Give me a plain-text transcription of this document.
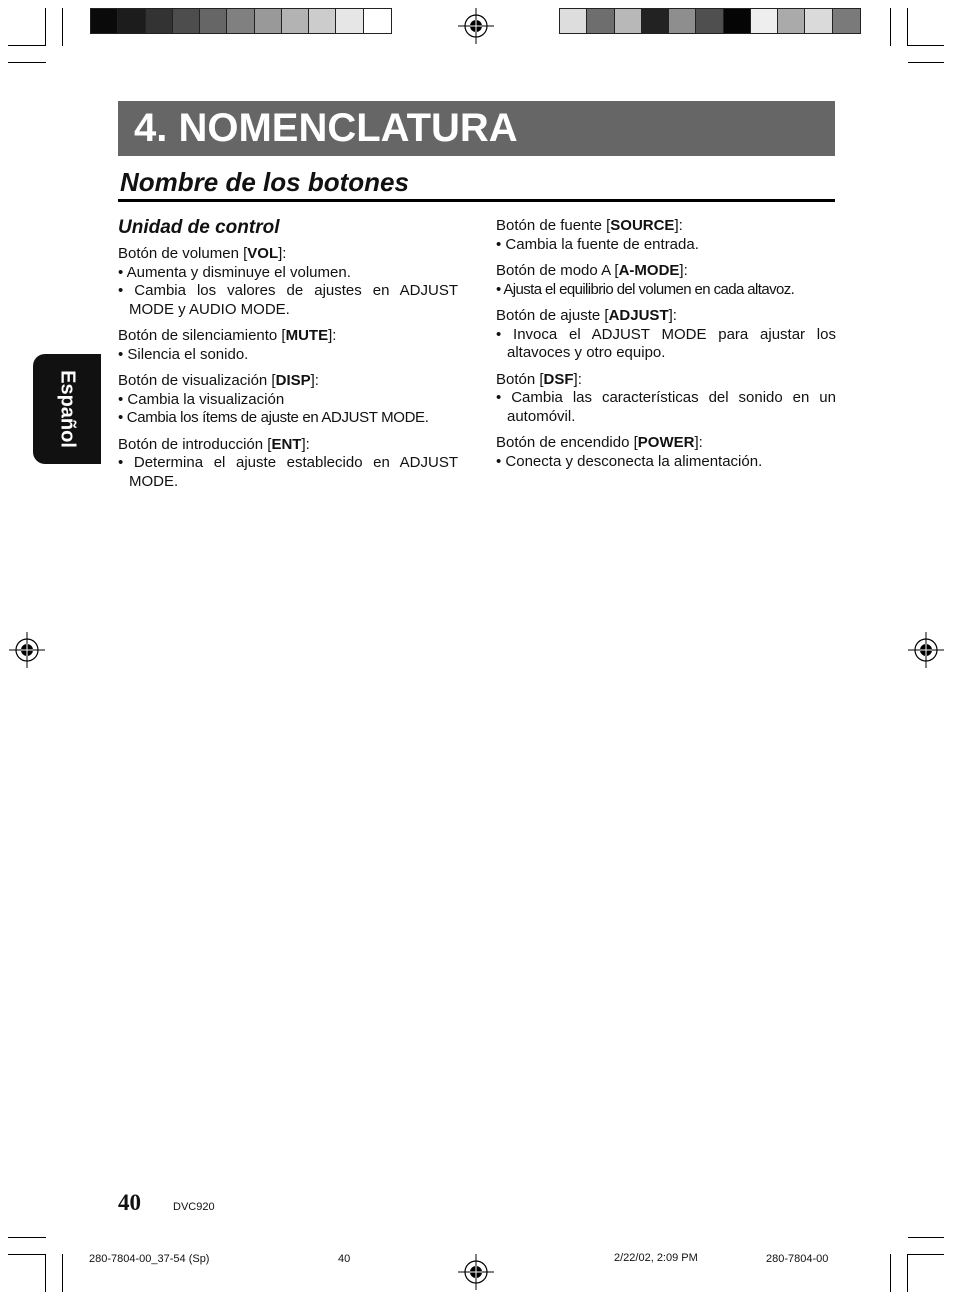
4. NOMENCLATURA
Nombre de los botones
Español

Unidad de control

Botón de volumen [VOL]:

• Aumenta y disminuye el volumen.

• Cambia los valores de ajustes en ADJUST MODE y AUDIO MODE.

Botón de silenciamiento [MUTE]:

• Silencia el sonido.

Botón de visualización [DISP]:

• Cambia la visualización

• Cambia los ítems de ajuste en ADJUST MODE.

Botón de introducción [ENT]:

• Determina el ajuste establecido en ADJUST MODE.

Botón de fuente [SOURCE]:

• Cambia la fuente de entrada.

Botón de modo A [A-MODE]:

• Ajusta el equilibrio del volumen en cada altavoz.

Botón de ajuste [ADJUST]:

• Invoca el ADJUST MODE para ajustar los altavoces y otro equipo.

Botón [DSF]:

• Cambia las características del sonido en un automóvil.

Botón de encendido [POWER]:

• Conecta y desconecta la alimentación.

40	DVC920
280-7804-00_37-54 (Sp)	40	2/22/02, 2:09 PM	280-7804-00
